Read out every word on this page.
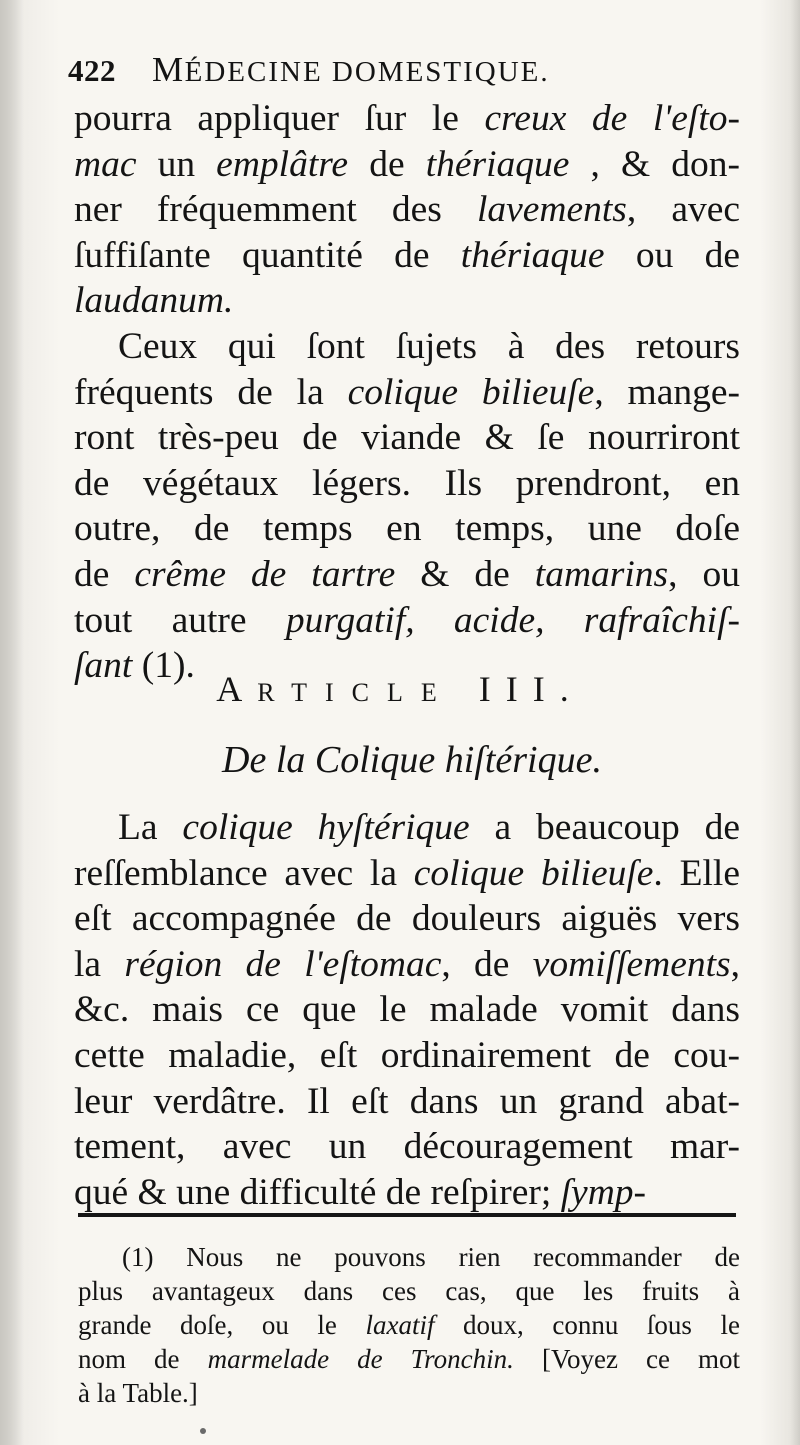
422 MÉDECINE DOMESTIQUE.
pourra appliquer ſur le creux de l'eſto-
mac un emplâtre de thériaque , & don-
ner fréquemment des lavements, avec
ſuffiſante quantité de thériaque ou de
laudanum.
Ceux qui ſont ſujets à des retours
fréquents de la colique bilieuſe, mange-
ront très-peu de viande & ſe nourriront
de végétaux légers. Ils prendront, en
outre, de temps en temps, une doſe
de crême de tartre & de tamarins, ou
tout autre purgatif, acide, rafraîchiſ-
ſant (1).
ARTICLE III.
De la Colique hiſtérique.
La colique hyſtérique a beaucoup de
reſſemblance avec la colique bilieuſe. Elle
eſt accompagnée de douleurs aiguës vers
la région de l'eſtomac, de vomiſſements,
&c. mais ce que le malade vomit dans
cette maladie, eſt ordinairement de cou-
leur verdâtre. Il eſt dans un grand abat-
tement, avec un découragement mar-
qué & une difficulté de reſpirer; ſymp-
(1) Nous ne pouvons rien recommander de
plus avantageux dans ces cas, que les fruits à
grande doſe, ou le laxatif doux, connu ſous le
nom de marmelade de Tronchin. [Voyez ce mot
à la Table.]
